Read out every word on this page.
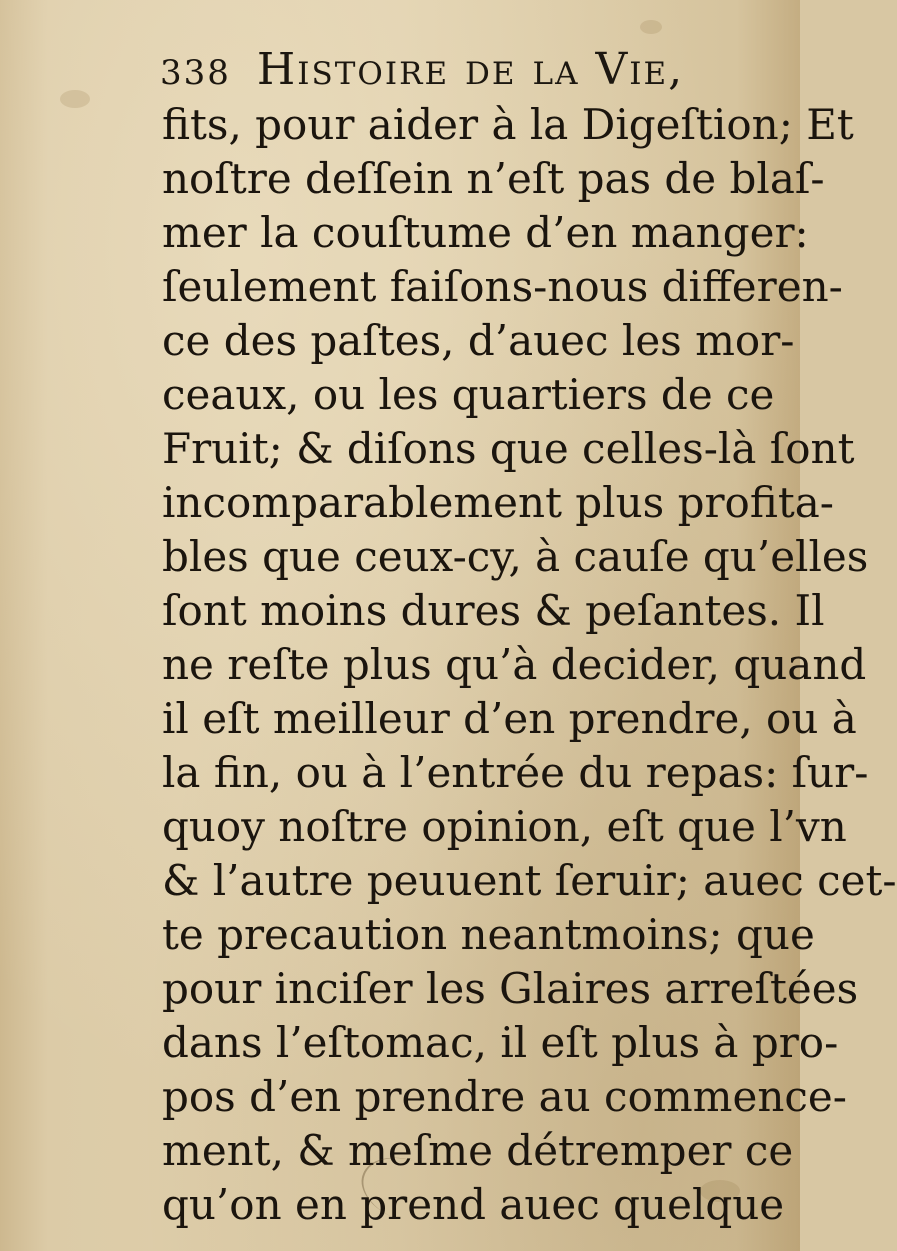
338 Histoire de la Vie,
fits, pour aider à la Digeſtion; Et
noſtre deſſein n’eſt pas de blaſ-
mer la couſtume d’en manger:
ſeulement faiſons-nous differen-
ce des paſtes, d’auec les mor-
ceaux, ou les quartiers de ce
Fruit; & diſons que celles-là ſont
incomparablement plus profita-
bles que ceux-cy, à cauſe qu’elles
ſont moins dures & peſantes. Il
ne reſte plus qu’à decider, quand
il eſt meilleur d’en prendre, ou à
la fin, ou à l’entrée du repas: ſur-
quoy noſtre opinion, eſt que l’vn
& l’autre peuuent ſeruir; auec cet-
te precaution neantmoins; que
pour inciſer les Glaires arreſtées
dans l’eſtomac, il eſt plus à pro-
pos d’en prendre au commence-
ment, & meſme détremper ce
qu’on en prend auec quelque
